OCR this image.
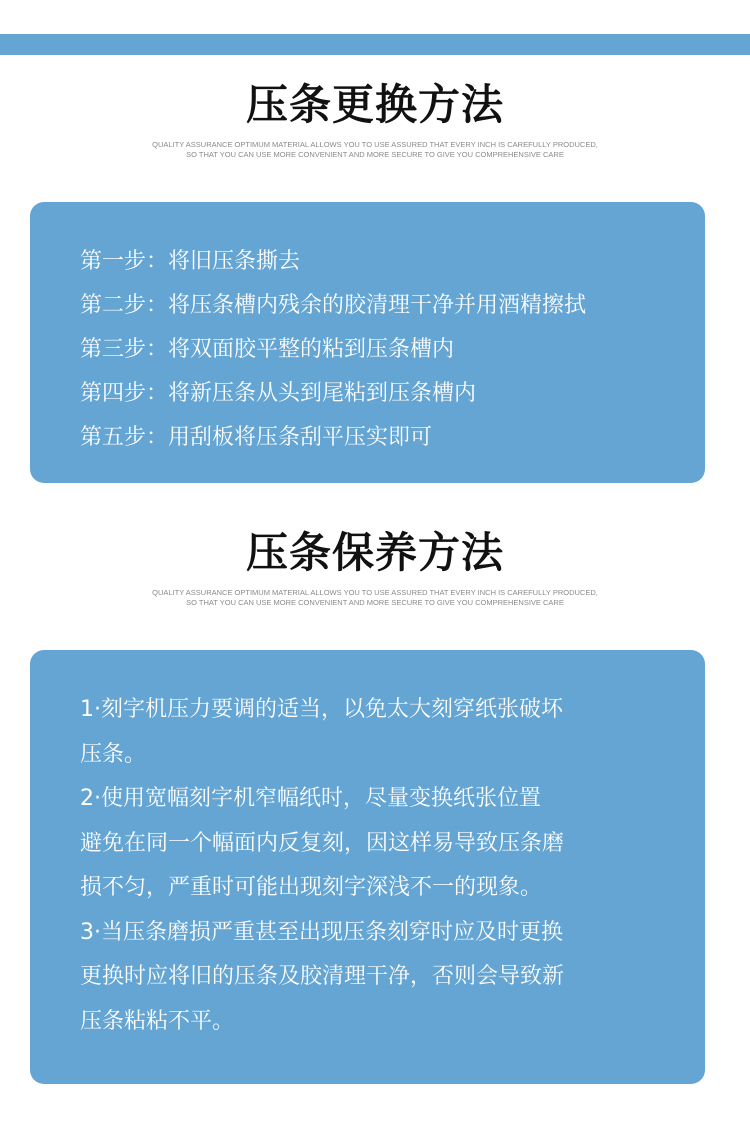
压条更换方法
QUALITY ASSURANCE OPTIMUM MATERIAL ALLOWS YOU TO USE ASSURED THAT EVERY INCH IS CAREFULLY PRODUCED,
SO THAT YOU CAN USE MORE CONVENIENT AND MORE SECURE TO GIVE YOU COMPREHENSIVE CARE
第一步：将旧压条撕去
第二步：将压条槽内残余的胶清理干净并用酒精擦拭
第三步：将双面胶平整的粘到压条槽内
第四步：将新压条从头到尾粘到压条槽内
第五步：用刮板将压条刮平压实即可
压条保养方法
QUALITY ASSURANCE OPTIMUM MATERIAL ALLOWS YOU TO USE ASSURED THAT EVERY INCH IS CAREFULLY PRODUCED,
SO THAT YOU CAN USE MORE CONVENIENT AND MORE SECURE TO GIVE YOU COMPREHENSIVE CARE
1·刻字机压力要调的适当，以免太大刻穿纸张破坏
压条。
2·使用宽幅刻字机窄幅纸时，尽量变换纸张位置
避免在同一个幅面内反复刻，因这样易导致压条磨
损不匀，严重时可能出现刻字深浅不一的现象。
3·当压条磨损严重甚至出现压条刻穿时应及时更换
更换时应将旧的压条及胶清理干净，否则会导致新
压条粘粘不平。
